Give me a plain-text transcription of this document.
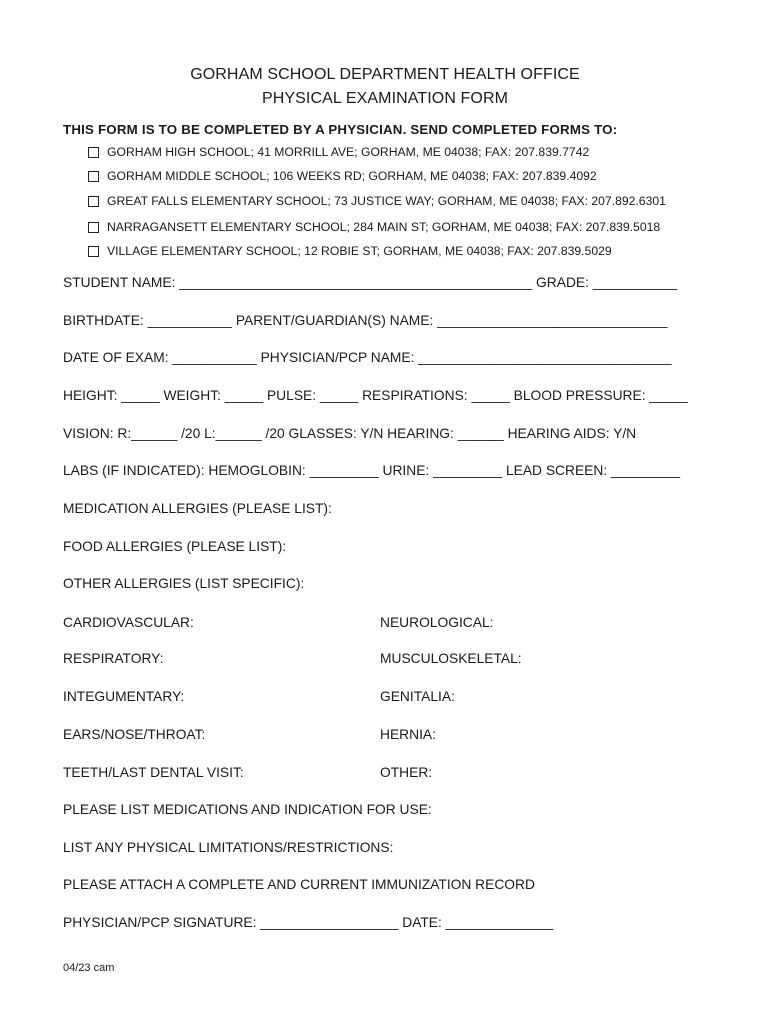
GORHAM SCHOOL DEPARTMENT HEALTH OFFICE
PHYSICAL EXAMINATION FORM
THIS FORM IS TO BE COMPLETED BY A PHYSICIAN. SEND COMPLETED FORMS TO:
GORHAM HIGH SCHOOL; 41 MORRILL AVE; GORHAM, ME 04038; FAX: 207.839.7742
GORHAM MIDDLE SCHOOL; 106 WEEKS RD; GORHAM, ME 04038; FAX: 207.839.4092
GREAT FALLS ELEMENTARY SCHOOL; 73 JUSTICE WAY; GORHAM, ME 04038; FAX: 207.892.6301
NARRAGANSETT ELEMENTARY SCHOOL; 284 MAIN ST; GORHAM, ME 04038; FAX: 207.839.5018
VILLAGE ELEMENTARY SCHOOL; 12 ROBIE ST; GORHAM, ME 04038; FAX: 207.839.5029
STUDENT NAME: ______________________________________________ GRADE: ___________
BIRTHDATE: ___________ PARENT/GUARDIAN(S) NAME: ______________________________
DATE OF EXAM: ___________ PHYSICIAN/PCP NAME: _________________________________
HEIGHT: _____ WEIGHT: _____ PULSE: _____ RESPIRATIONS: _____ BLOOD PRESSURE: _____
VISION: R:______ /20 L:______ /20 GLASSES: Y/N HEARING: ______ HEARING AIDS: Y/N
LABS (IF INDICATED): HEMOGLOBIN: _________ URINE: _________ LEAD SCREEN: _________
MEDICATION ALLERGIES (PLEASE LIST):
FOOD ALLERGIES (PLEASE LIST):
OTHER ALLERGIES (LIST SPECIFIC):
CARDIOVASCULAR:	NEUROLOGICAL:
RESPIRATORY:	MUSCULOSKELETAL:
INTEGUMENTARY:	GENITALIA:
EARS/NOSE/THROAT:	HERNIA:
TEETH/LAST DENTAL VISIT:	OTHER:
PLEASE LIST MEDICATIONS AND INDICATION FOR USE:
LIST ANY PHYSICAL LIMITATIONS/RESTRICTIONS:
PLEASE ATTACH A COMPLETE AND CURRENT IMMUNIZATION RECORD
PHYSICIAN/PCP SIGNATURE: __________________ DATE: ______________
04/23 cam
